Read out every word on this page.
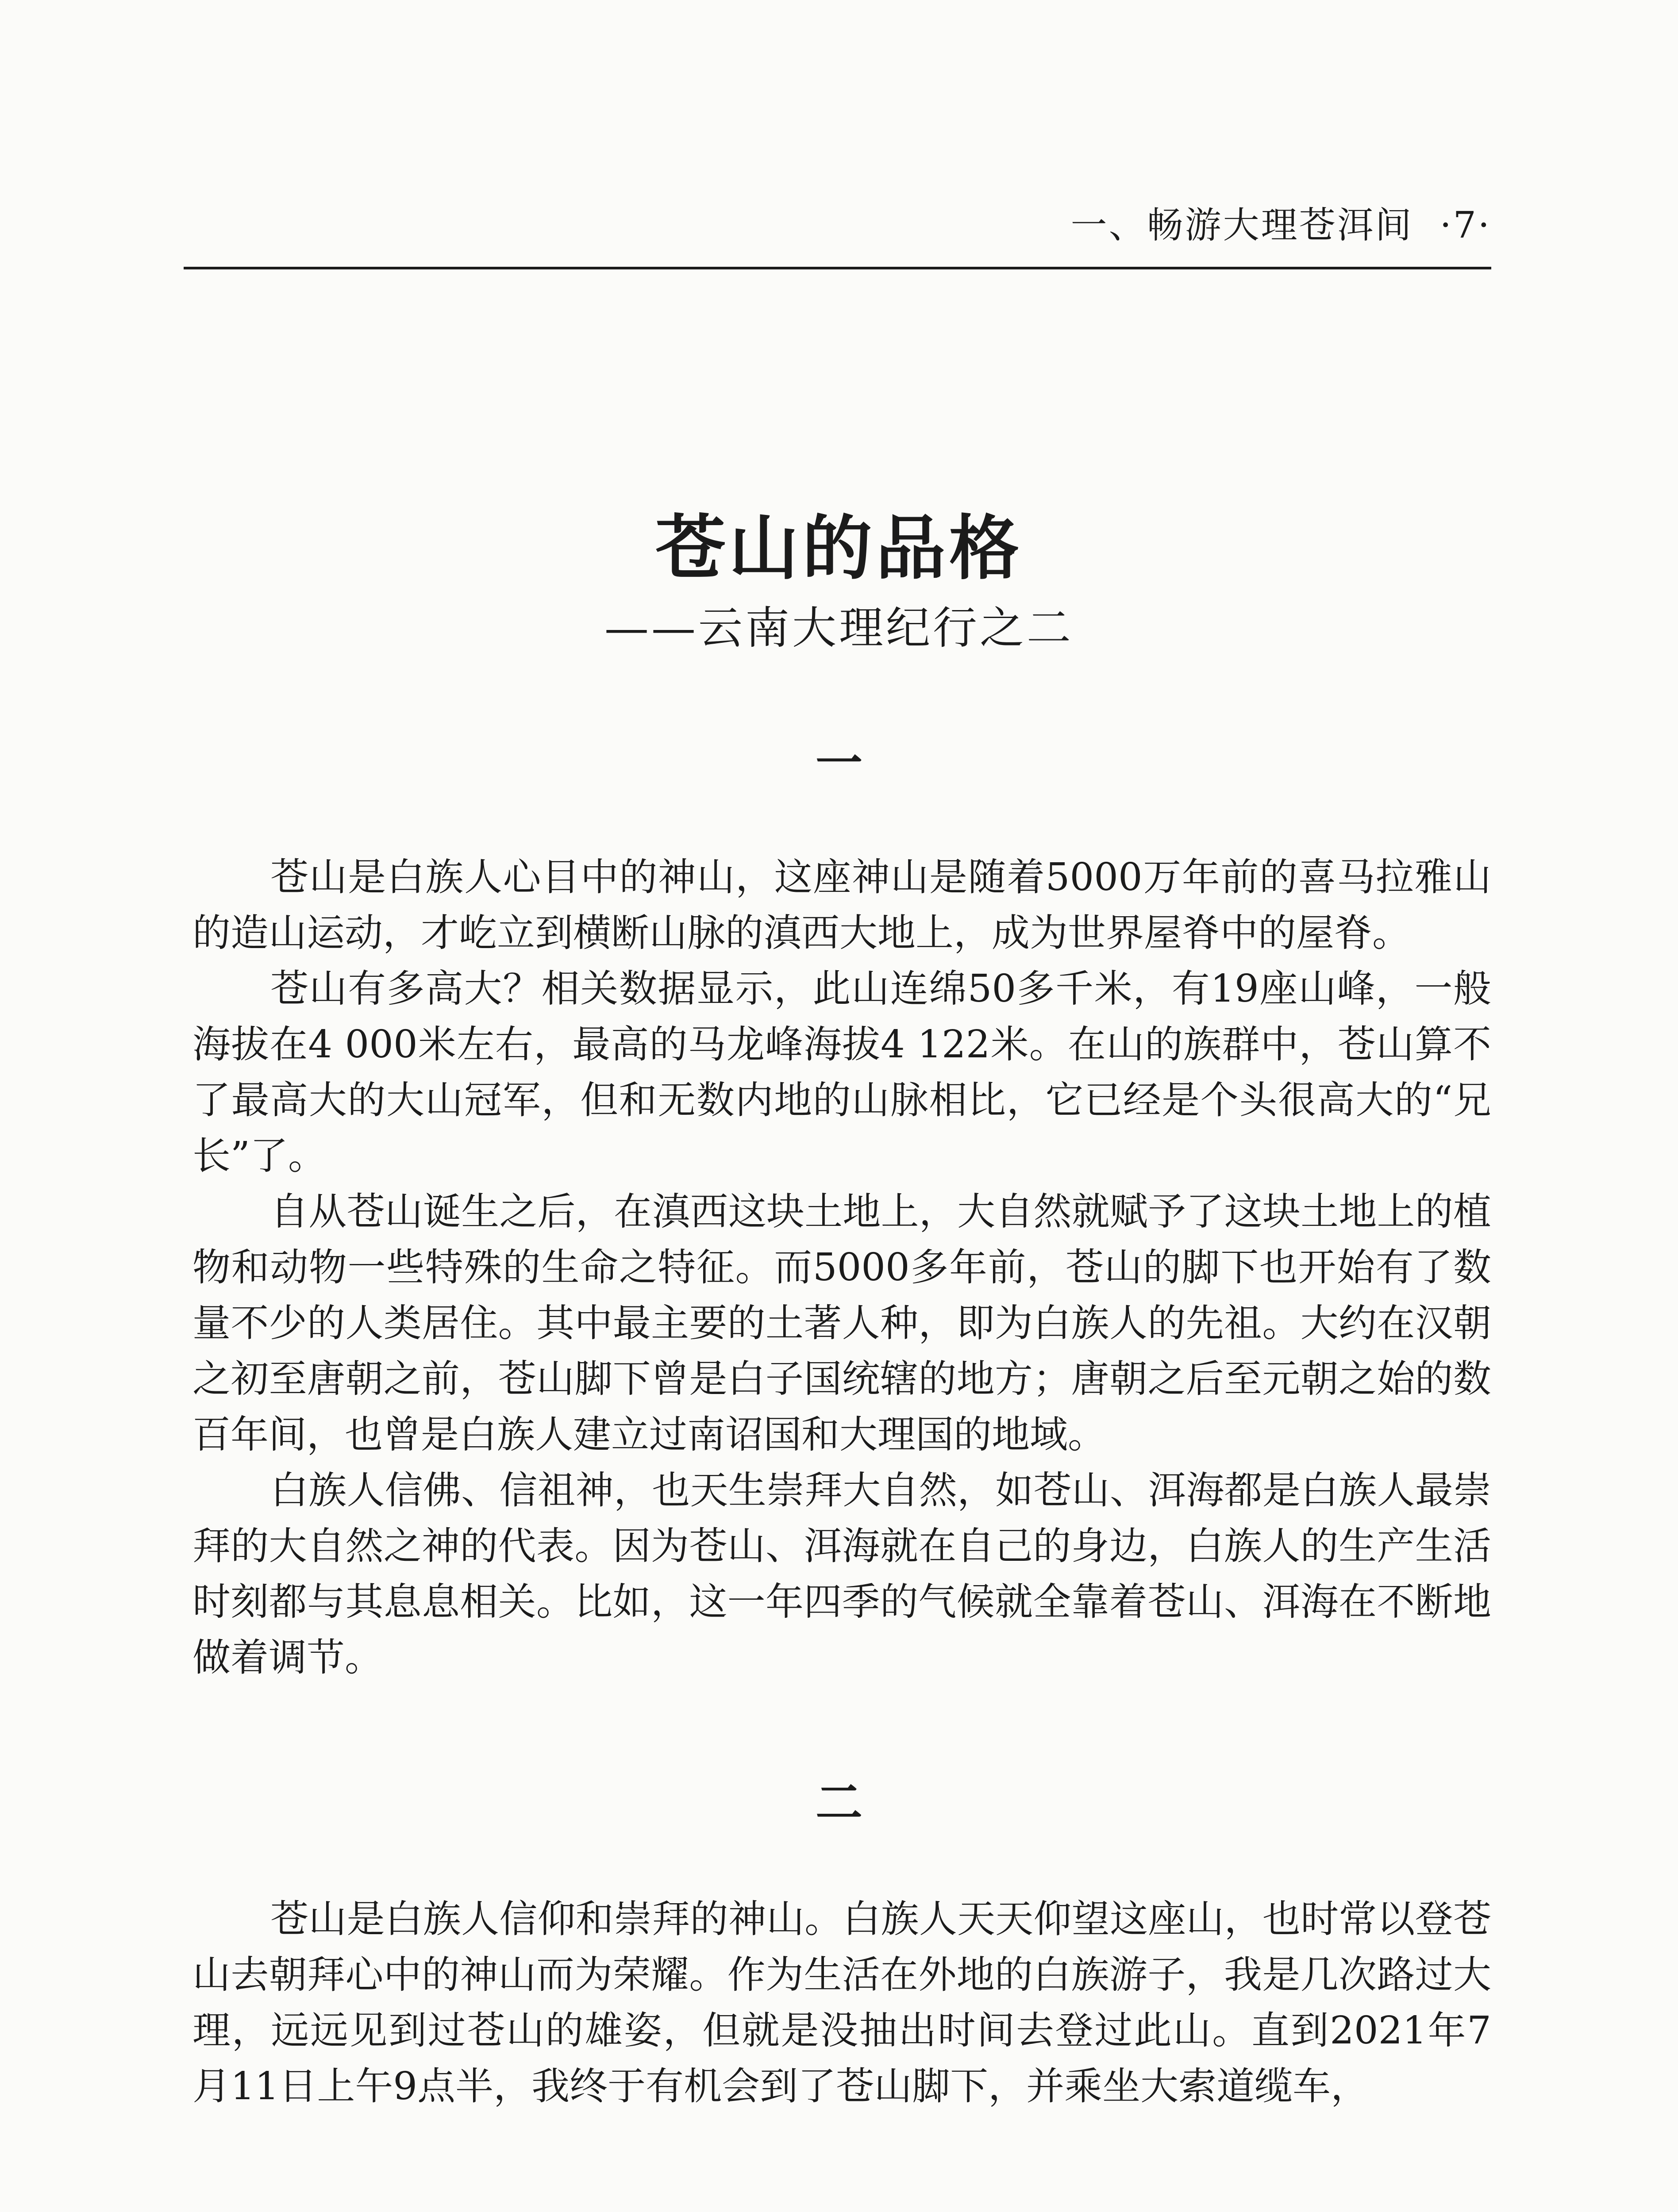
一、畅游大理苍洱间 ·7·
苍山的品格
——云南大理纪行之二
一

苍山是白族人心目中的神山，这座神山是随着5000万年前的喜马拉雅山的造山运动，才屹立到横断山脉的滇西大地上，成为世界屋脊中的屋脊。

苍山有多高大？相关数据显示，此山连绵50多千米，有19座山峰，一般海拔在4 000米左右，最高的马龙峰海拔4 122米。在山的族群中，苍山算不了最高大的大山冠军，但和无数内地的山脉相比，它已经是个头很高大的“兄长”了。

自从苍山诞生之后，在滇西这块土地上，大自然就赋予了这块土地上的植物和动物一些特殊的生命之特征。而5000多年前，苍山的脚下也开始有了数量不少的人类居住。其中最主要的土著人种，即为白族人的先祖。大约在汉朝之初至唐朝之前，苍山脚下曾是白子国统辖的地方；唐朝之后至元朝之始的数百年间，也曾是白族人建立过南诏国和大理国的地域。

白族人信佛、信祖神，也天生崇拜大自然，如苍山、洱海都是白族人最崇拜的大自然之神的代表。因为苍山、洱海就在自己的身边，白族人的生产生活时刻都与其息息相关。比如，这一年四季的气候就全靠着苍山、洱海在不断地做着调节。

二

苍山是白族人信仰和崇拜的神山。白族人天天仰望这座山，也时常以登苍山去朝拜心中的神山而为荣耀。作为生活在外地的白族游子，我是几次路过大理，远远见到过苍山的雄姿，但就是没抽出时间去登过此山。直到2021年7月11日上午9点半，我终于有机会到了苍山脚下，并乘坐大索道缆车，
